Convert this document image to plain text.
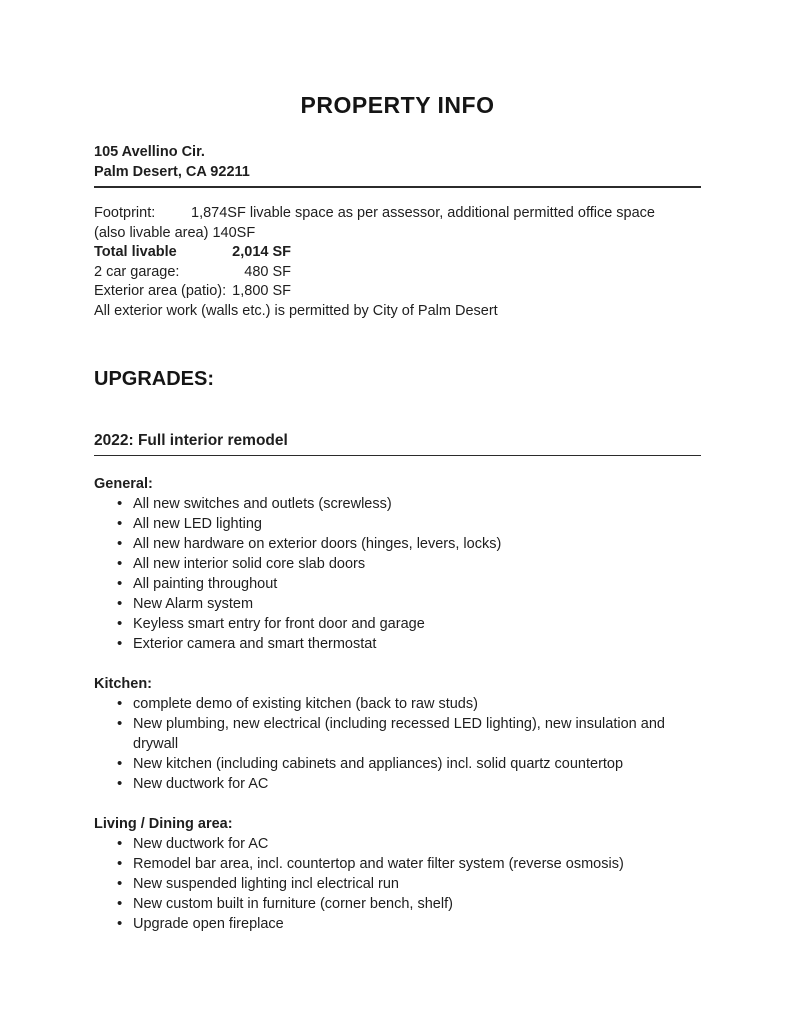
PROPERTY INFO
105 Avellino Cir.
Palm Desert, CA 92211
Footprint: 1,874SF livable space as per assessor, additional permitted office space
(also livable area) 140SF
2,014 SF
Total livable
480 SF
2 car garage:
1,800 SF
Exterior area (patio):
All exterior work (walls etc.) is permitted by City of Palm Desert
UPGRADES:
2022: Full interior remodel
General:
• All new switches and outlets (screwless)
• All new LED lighting
• All new hardware on exterior doors (hinges, levers, locks)
• All new interior solid core slab doors
• All painting throughout
• New Alarm system
• Keyless smart entry for front door and garage
• Exterior camera and smart thermostat
Kitchen:
• complete demo of existing kitchen (back to raw studs)
• New plumbing, new electrical (including recessed LED lighting), new insulation and drywall
• New kitchen (including cabinets and appliances) incl. solid quartz countertop
• New ductwork for AC
Living / Dining area:
• New ductwork for AC
• Remodel bar area, incl. countertop and water filter system (reverse osmosis)
• New suspended lighting incl electrical run
• New custom built in furniture (corner bench, shelf)
• Upgrade open fireplace
